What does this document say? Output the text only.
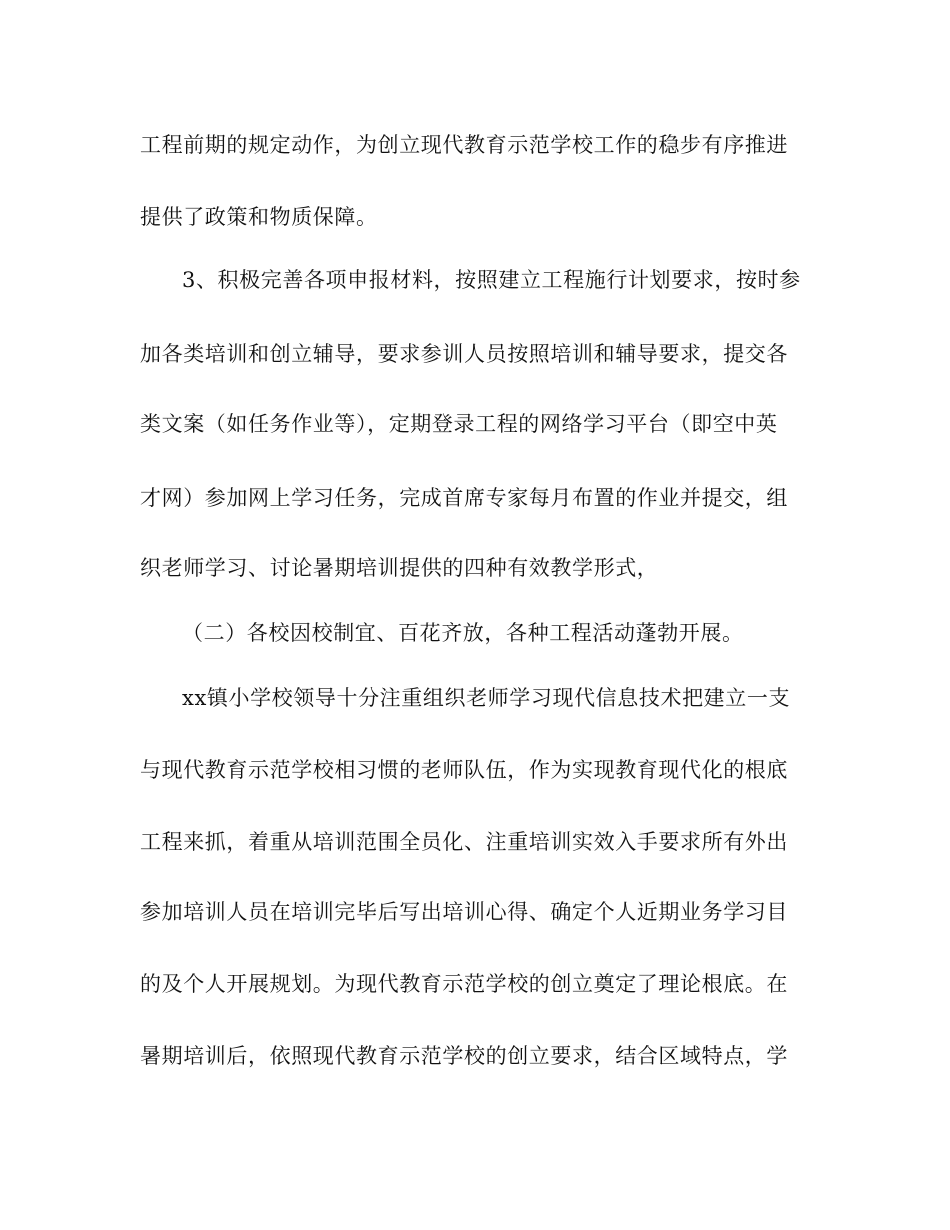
工程前期的规定动作，为创立现代教育示范学校工作的稳步有序推进
提供了政策和物质保障。
3、积极完善各项申报材料，按照建立工程施行计划要求，按时参
加各类培训和创立辅导，要求参训人员按照培训和辅导要求，提交各
类文案（如任务作业等），定期登录工程的网络学习平台（即空中英
才网）参加网上学习任务，完成首席专家每月布置的作业并提交，组
织老师学习、讨论暑期培训提供的四种有效教学形式，
（二）各校因校制宜、百花齐放，各种工程活动蓬勃开展。
xx镇小学校领导十分注重组织老师学习现代信息技术把建立一支
与现代教育示范学校相习惯的老师队伍，作为实现教育现代化的根底
工程来抓，着重从培训范围全员化、注重培训实效入手要求所有外出
参加培训人员在培训完毕后写出培训心得、确定个人近期业务学习目
的及个人开展规划。为现代教育示范学校的创立奠定了理论根底。在
暑期培训后，依照现代教育示范学校的创立要求，结合区域特点，学
